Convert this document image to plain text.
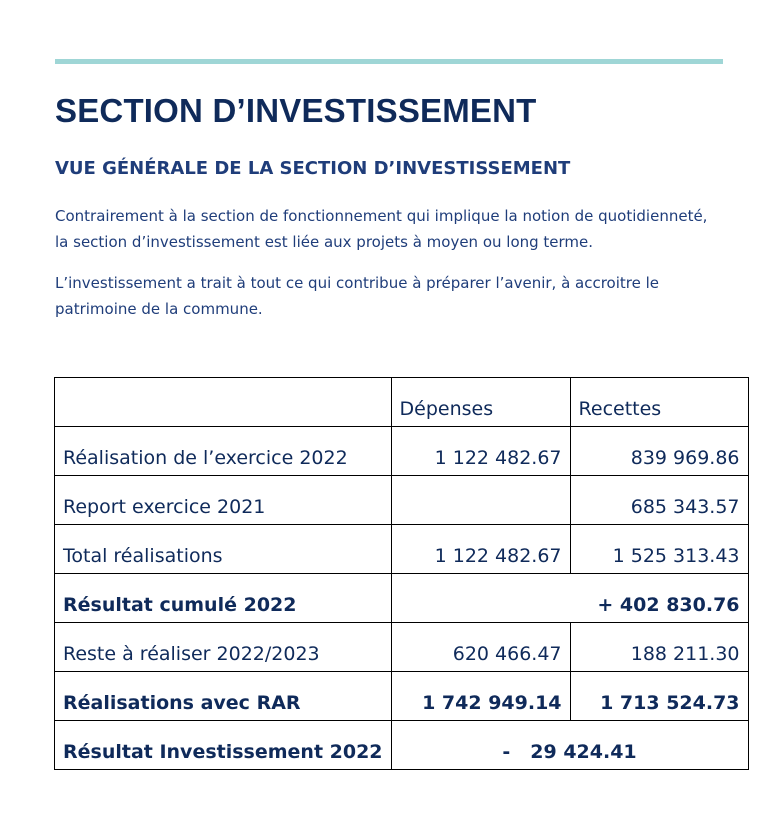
SECTION D’INVESTISSEMENT
VUE GÉNÉRALE DE LA SECTION D’INVESTISSEMENT

Contrairement à la section de fonctionnement qui implique la notion de quotidienneté,
la section d’investissement est liée aux projets à moyen ou long terme.

L’investissement a trait à tout ce qui contribue à préparer l’avenir, à accroitre le
patrimoine de la commune.

	Dépenses	Recettes
Réalisation de l’exercice 2022	1 122 482.67	839 969.86
Report exercice 2021		685 343.57
Total réalisations	1 122 482.67	1 525 313.43
Résultat cumulé 2022	+ 402 830.76	
Reste à réaliser 2022/2023	620 466.47	188 211.30
Réalisations avec RAR	1 742 949.14	1 713 524.73
Résultat Investissement 2022	- 29 424.41	
